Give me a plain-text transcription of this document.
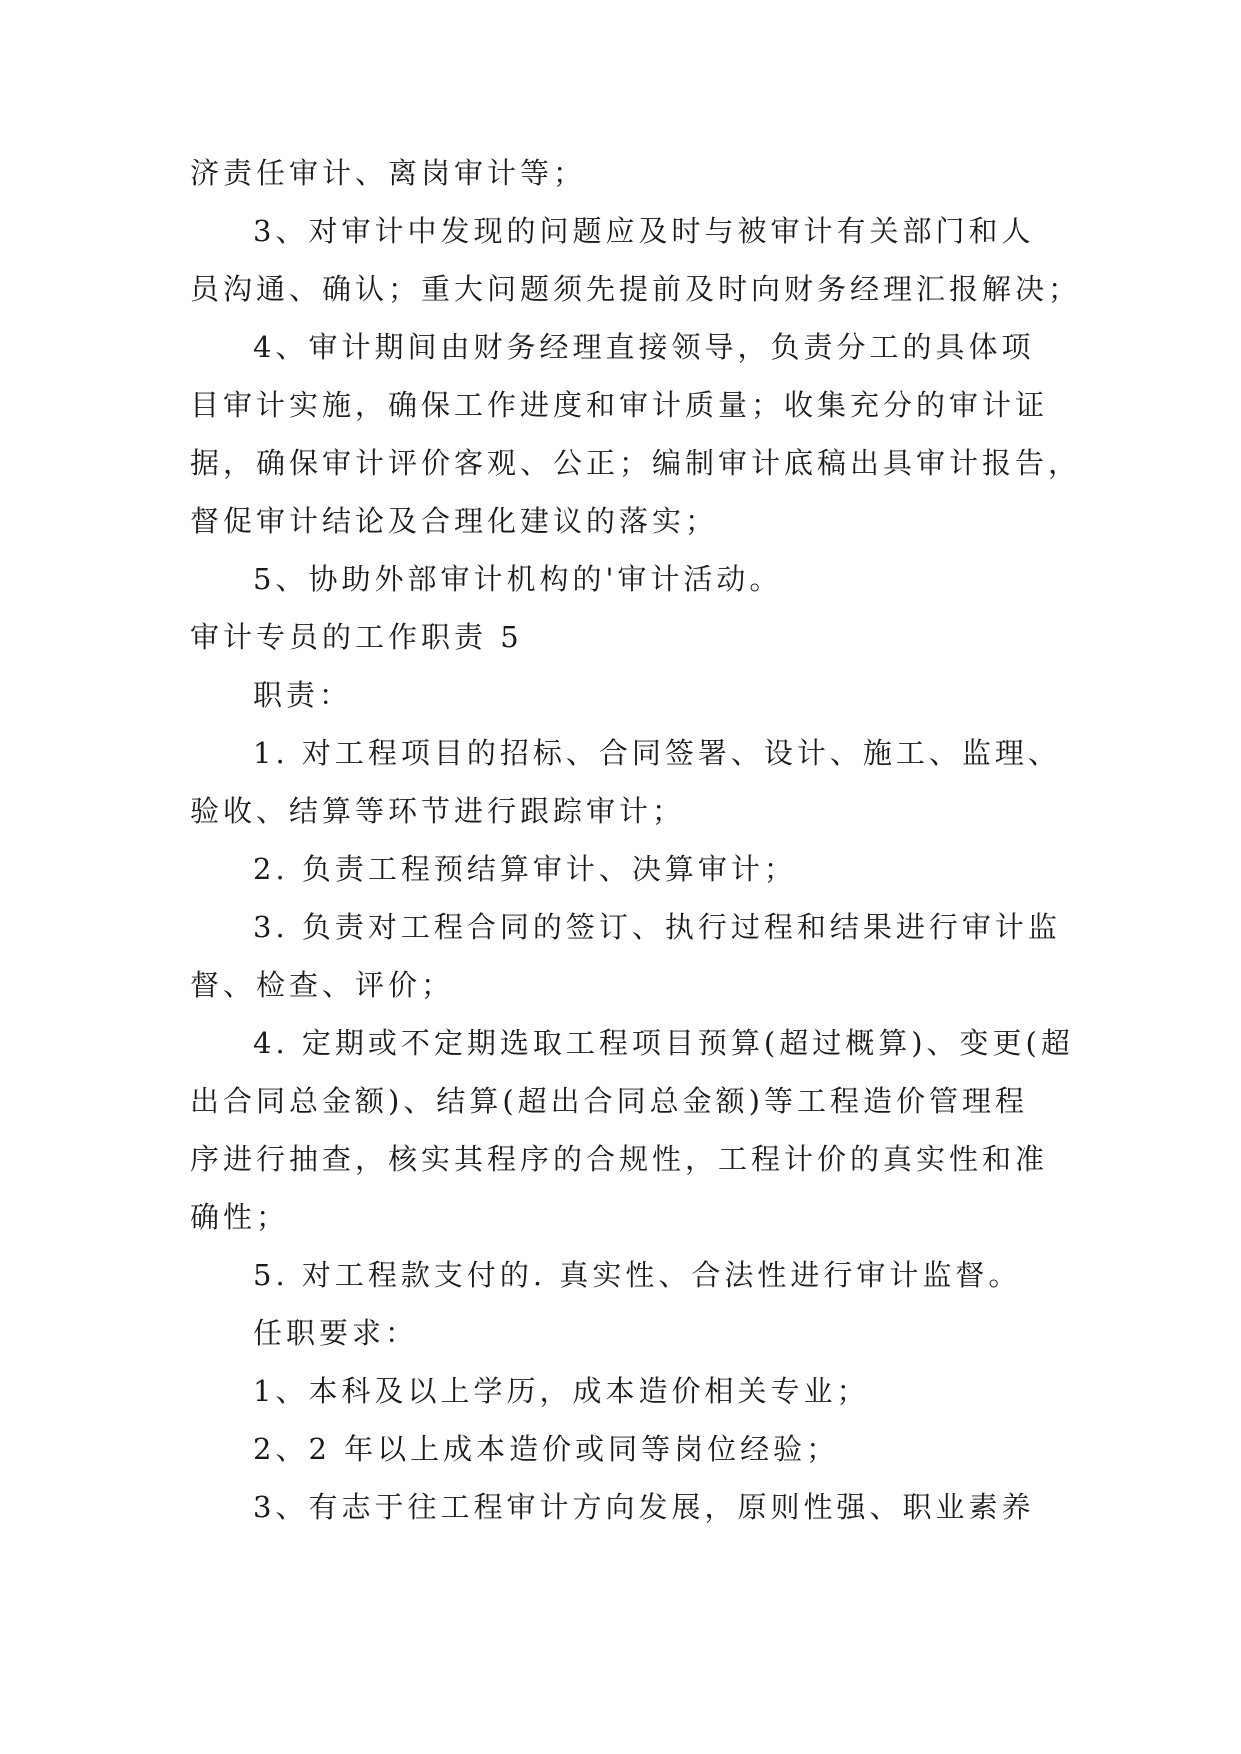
济责任审计、离岗审计等；
3、对审计中发现的问题应及时与被审计有关部门和人
员沟通、确认；重大问题须先提前及时向财务经理汇报解决；
4、审计期间由财务经理直接领导，负责分工的具体项
目审计实施，确保工作进度和审计质量；收集充分的审计证
据，确保审计评价客观、公正；编制审计底稿出具审计报告，
督促审计结论及合理化建议的落实；
5、协助外部审计机构的'审计活动。
审计专员的工作职责 5
职责：
1. 对工程项目的招标、合同签署、设计、施工、监理、
验收、结算等环节进行跟踪审计；
2. 负责工程预结算审计、决算审计；
3. 负责对工程合同的签订、执行过程和结果进行审计监
督、检查、评价；
4. 定期或不定期选取工程项目预算(超过概算)、变更(超
出合同总金额)、结算(超出合同总金额)等工程造价管理程
序进行抽查，核实其程序的合规性，工程计价的真实性和准
确性；
5. 对工程款支付的. 真实性、合法性进行审计监督。
任职要求：
1、本科及以上学历，成本造价相关专业；
2、2 年以上成本造价或同等岗位经验；
3、有志于往工程审计方向发展，原则性强、职业素养
